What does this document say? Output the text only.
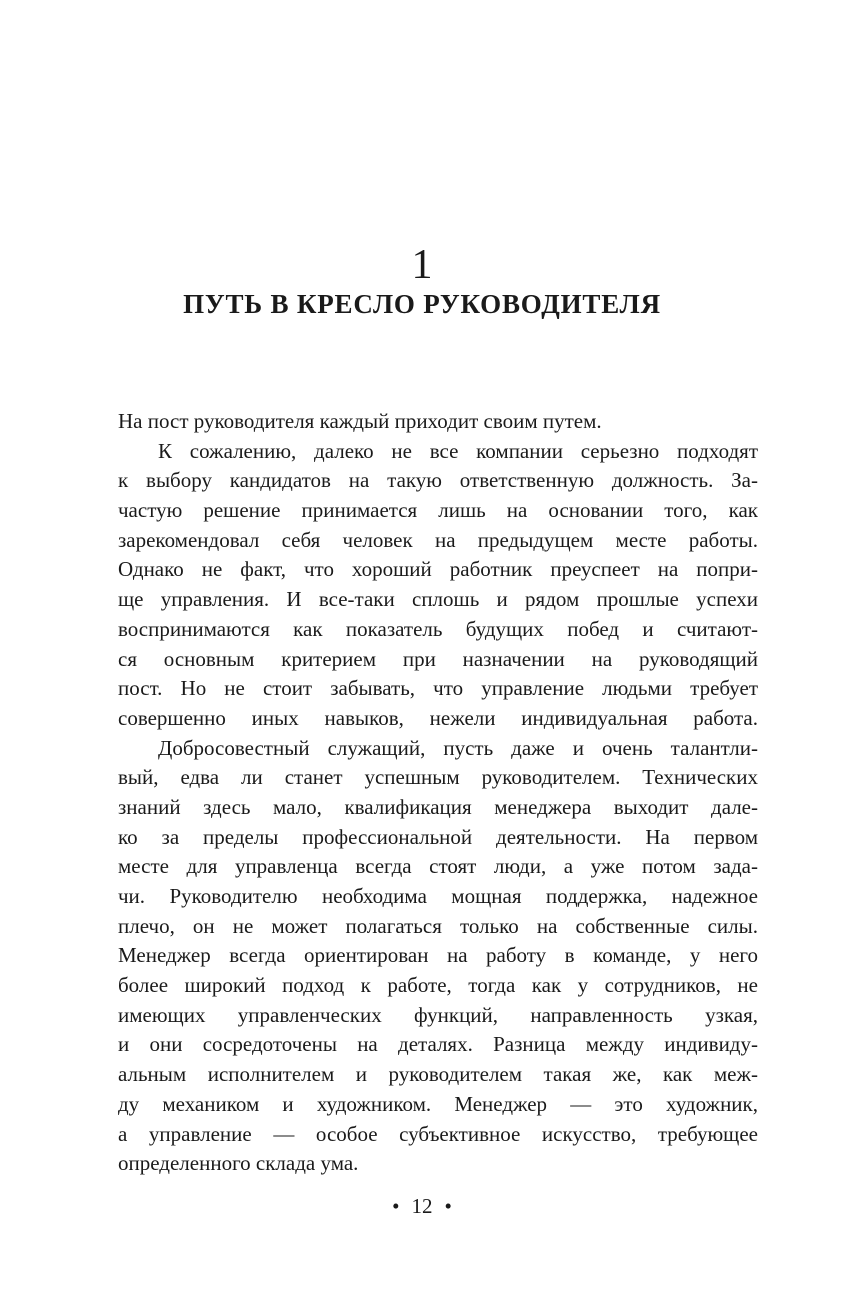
1
ПУТЬ В КРЕСЛО РУКОВОДИТЕЛЯ
На пост руководителя каждый приходит своим путем.
К сожалению, далеко не все компании серьезно подходят
к выбору кандидатов на такую ответственную должность. За-
частую решение принимается лишь на основании того, как
зарекомендовал себя человек на предыдущем месте работы.
Однако не факт, что хороший работник преуспеет на попри-
ще управления. И все-таки сплошь и рядом прошлые успехи
воспринимаются как показатель будущих побед и считают-
ся основным критерием при назначении на руководящий
пост. Но не стоит забывать, что управление людьми требует
совершенно иных навыков, нежели индивидуальная работа.
Добросовестный служащий, пусть даже и очень талантли-
вый, едва ли станет успешным руководителем. Технических
знаний здесь мало, квалификация менеджера выходит дале-
ко за пределы профессиональной деятельности. На первом
месте для управленца всегда стоят люди, а уже потом зада-
чи. Руководителю необходима мощная поддержка, надежное
плечо, он не может полагаться только на собственные силы.
Менеджер всегда ориентирован на работу в команде, у него
более широкий подход к работе, тогда как у сотрудников, не
имеющих управленческих функций, направленность узкая,
и они сосредоточены на деталях. Разница между индивиду-
альным исполнителем и руководителем такая же, как меж-
ду механиком и художником. Менеджер — это художник,
а управление — особое субъективное искусство, требующее
определенного склада ума.
• 12 •
